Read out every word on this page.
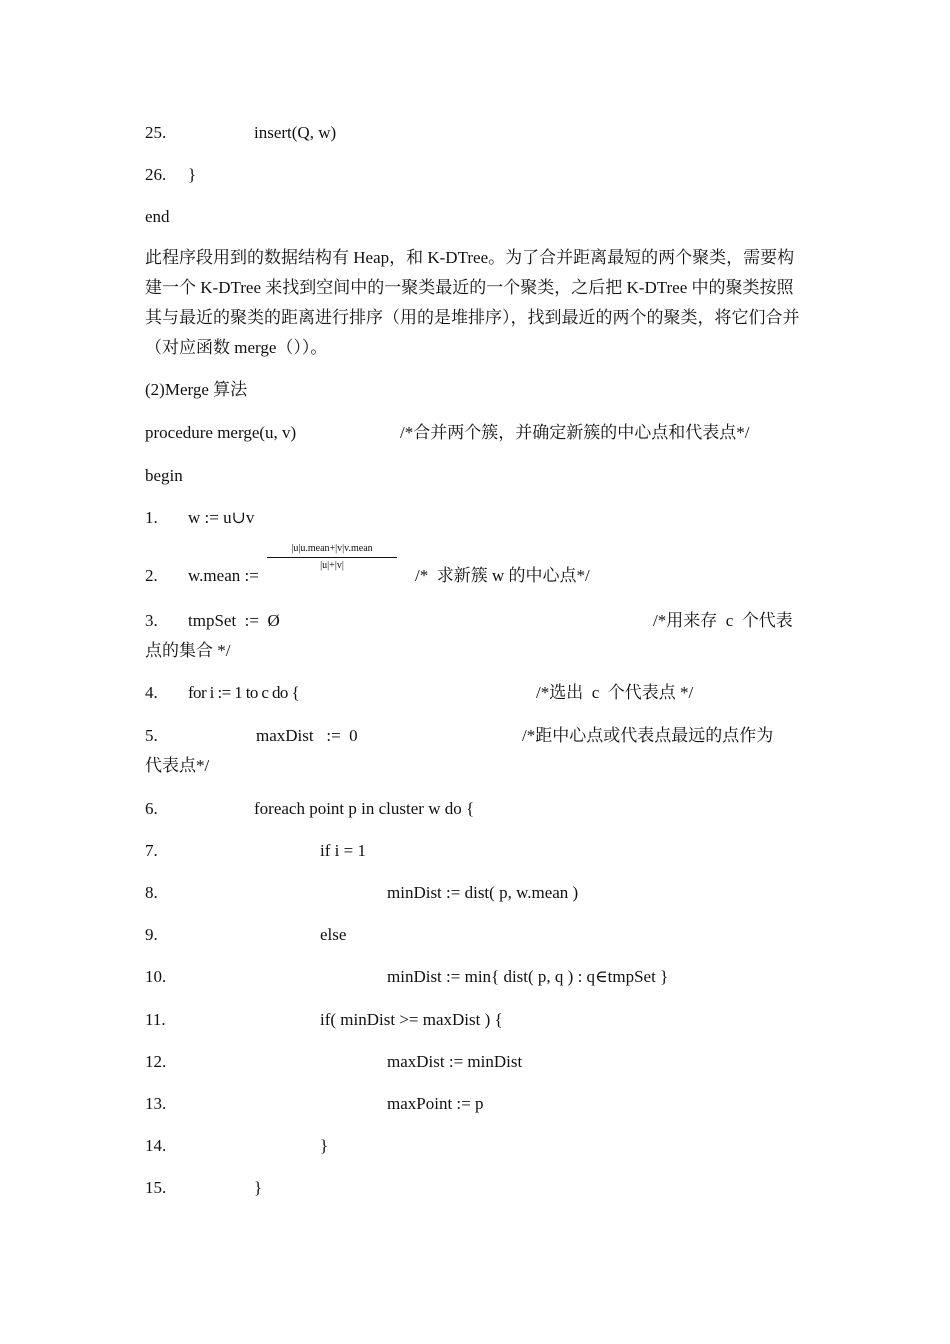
25.	insert(Q, w)
26. }
end
此程序段用到的数据结构有 Heap，和 K-DTree。为了合并距离最短的两个聚类，需要构建一个 K-DTree 来找到空间中的一聚类最近的一个聚类，之后把 K-DTree 中的聚类按照其与最近的聚类的距离进行排序（用的是堆排序），找到最近的两个的聚类，将它们合并（对应函数 merge（））。
(2)Merge 算法
procedure merge(u, v)	/*合并两个簇，并确定新簇的中心点和代表点*/
begin
1. w := u∪v
2. w.mean :=
|u|u.mean+|v|v.mean
|u|+|v|
/*  求新簇 w 的中心点*/
3. tmpSet  :=  Ø	/*用来存  c  个代表
点的集合 */
4. for i := 1 to c do {	/*选出  c  个代表点 */
5.	maxDist   :=  0	/*距中心点或代表点最远的点作为
代表点*/
6.	foreach point p in cluster w do {
7.	if i = 1
8.	minDist := dist( p, w.mean )
9.	else
10.	minDist := min{ dist( p, q ) : q∈tmpSet }
11.	if( minDist >= maxDist ) {
12.	maxDist := minDist
13.	maxPoint := p
14.	}
15.	}
